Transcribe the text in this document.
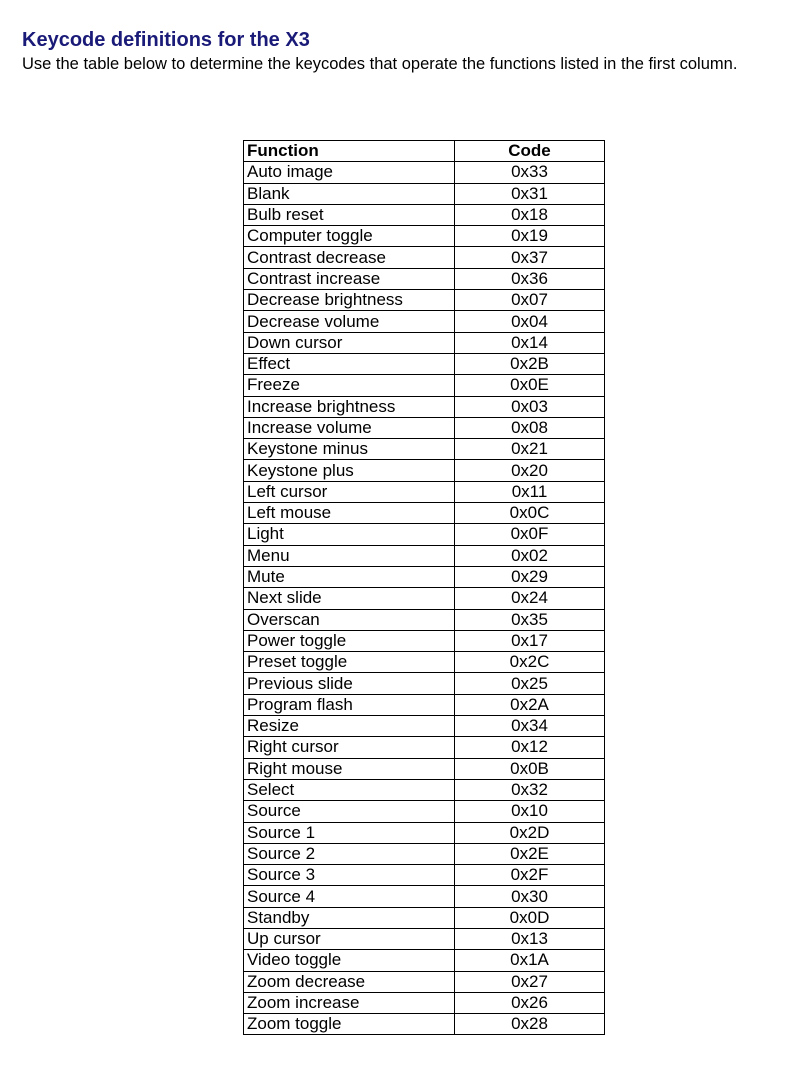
Keycode definitions for the X3

Use the table below to determine the keycodes that operate the functions listed in the first column.

Function	Code
Auto image	0x33
Blank	0x31
Bulb reset	0x18
Computer toggle	0x19
Contrast decrease	0x37
Contrast increase	0x36
Decrease brightness	0x07
Decrease volume	0x04
Down cursor	0x14
Effect	0x2B
Freeze	0x0E
Increase brightness	0x03
Increase volume	0x08
Keystone minus	0x21
Keystone plus	0x20
Left cursor	0x11
Left mouse	0x0C
Light	0x0F
Menu	0x02
Mute	0x29
Next slide	0x24
Overscan	0x35
Power toggle	0x17
Preset toggle	0x2C
Previous slide	0x25
Program flash	0x2A
Resize	0x34
Right cursor	0x12
Right mouse	0x0B
Select	0x32
Source	0x10
Source 1	0x2D
Source 2	0x2E
Source 3	0x2F
Source 4	0x30
Standby	0x0D
Up cursor	0x13
Video toggle	0x1A
Zoom decrease	0x27
Zoom increase	0x26
Zoom toggle	0x28
